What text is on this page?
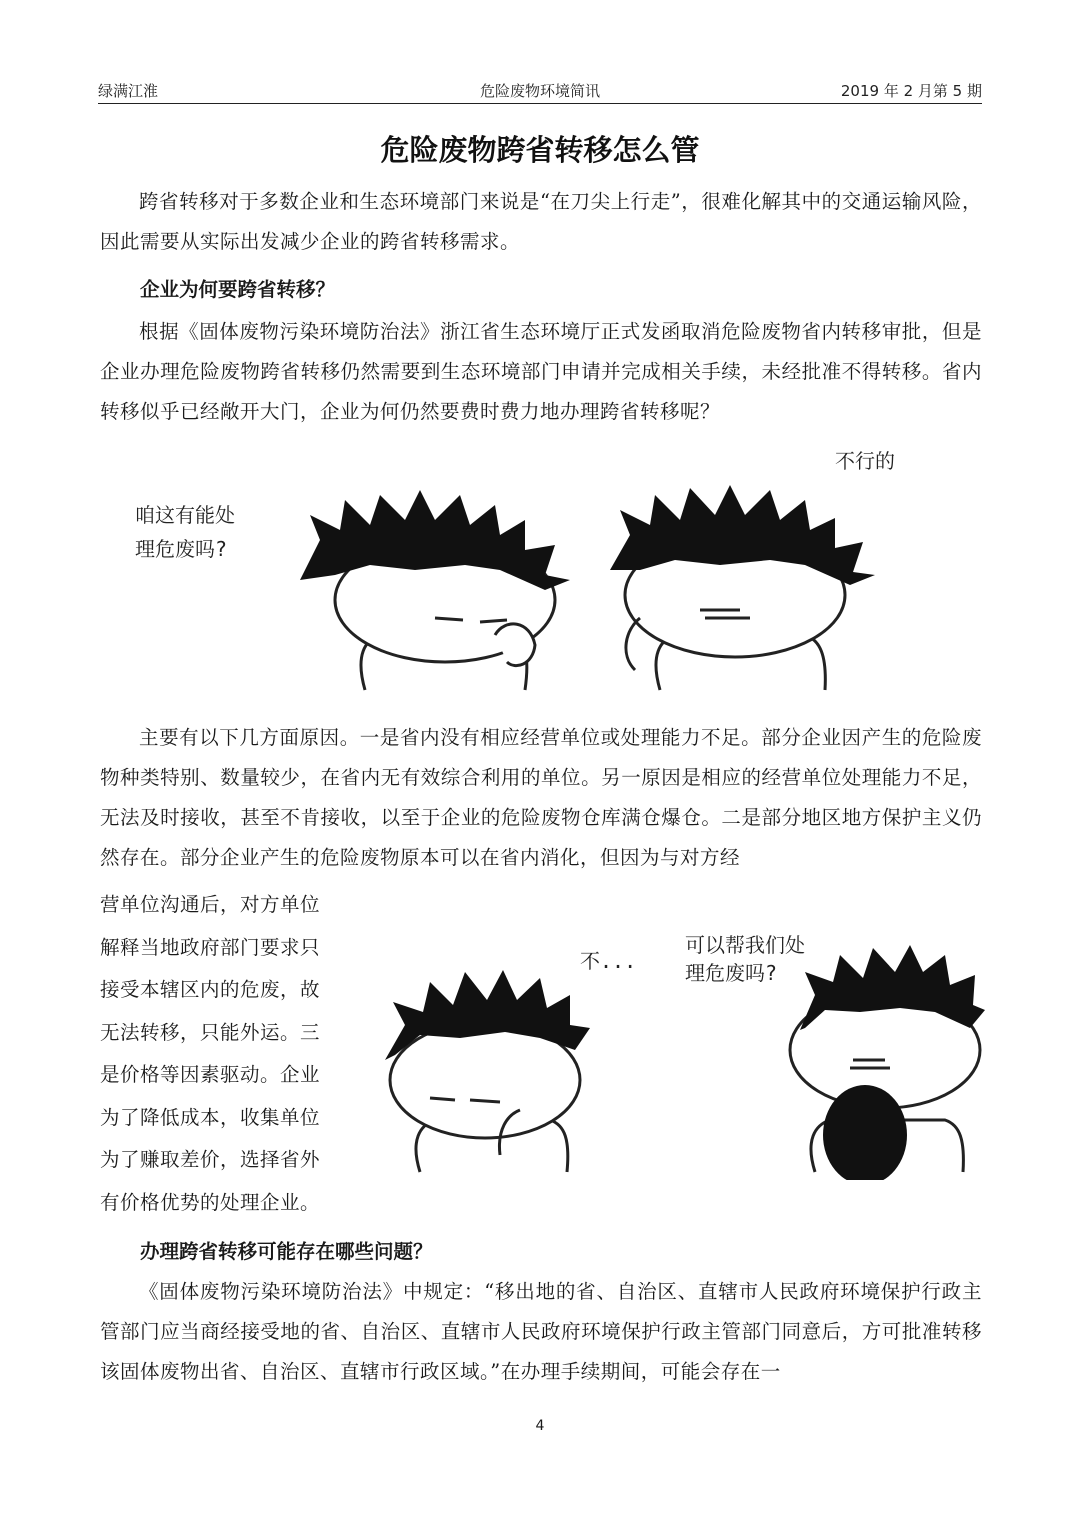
绿满江淮	危险废物环境简讯	2019 年 2 月第 5 期
危险废物跨省转移怎么管

跨省转移对于多数企业和生态环境部门来说是“在刀尖上行走”，很难化解其中的交通运输风险，因此需要从实际出发减少企业的跨省转移需求。

企业为何要跨省转移？

根据《固体废物污染环境防治法》浙江省生态环境厅正式发函取消危险废物省内转移审批，但是企业办理危险废物跨省转移仍然需要到生态环境部门申请并完成相关手续，未经批准不得转移。省内转移似乎已经敞开大门，企业为何仍然要费时费力地办理跨省转移呢？

咱这有能处
理危废吗?
不行的

主要有以下几方面原因。一是省内没有相应经营单位或处理能力不足。部分企业因产生的危险废物种类特别、数量较少，在省内无有效综合利用的单位。另一原因是相应的经营单位处理能力不足，无法及时接收，甚至不肯接收，以至于企业的危险废物仓库满仓爆仓。二是部分地区地方保护主义仍然存在。部分企业产生的危险废物原本可以在省内消化，但因为与对方经

营单位沟通后，对方单位
解释当地政府部门要求只
接受本辖区内的危废，故
无法转移，只能外运。三
是价格等因素驱动。企业
为了降低成本，收集单位
为了赚取差价，选择省外
有价格优势的处理企业。
不...
可以帮我们处
理危废吗?

办理跨省转移可能存在哪些问题？

《固体废物污染环境防治法》中规定：“移出地的省、自治区、直辖市人民政府环境保护行政主管部门应当商经接受地的省、自治区、直辖市人民政府环境保护行政主管部门同意后，方可批准转移该固体废物出省、自治区、直辖市行政区域。”在办理手续期间，可能会存在一

4
